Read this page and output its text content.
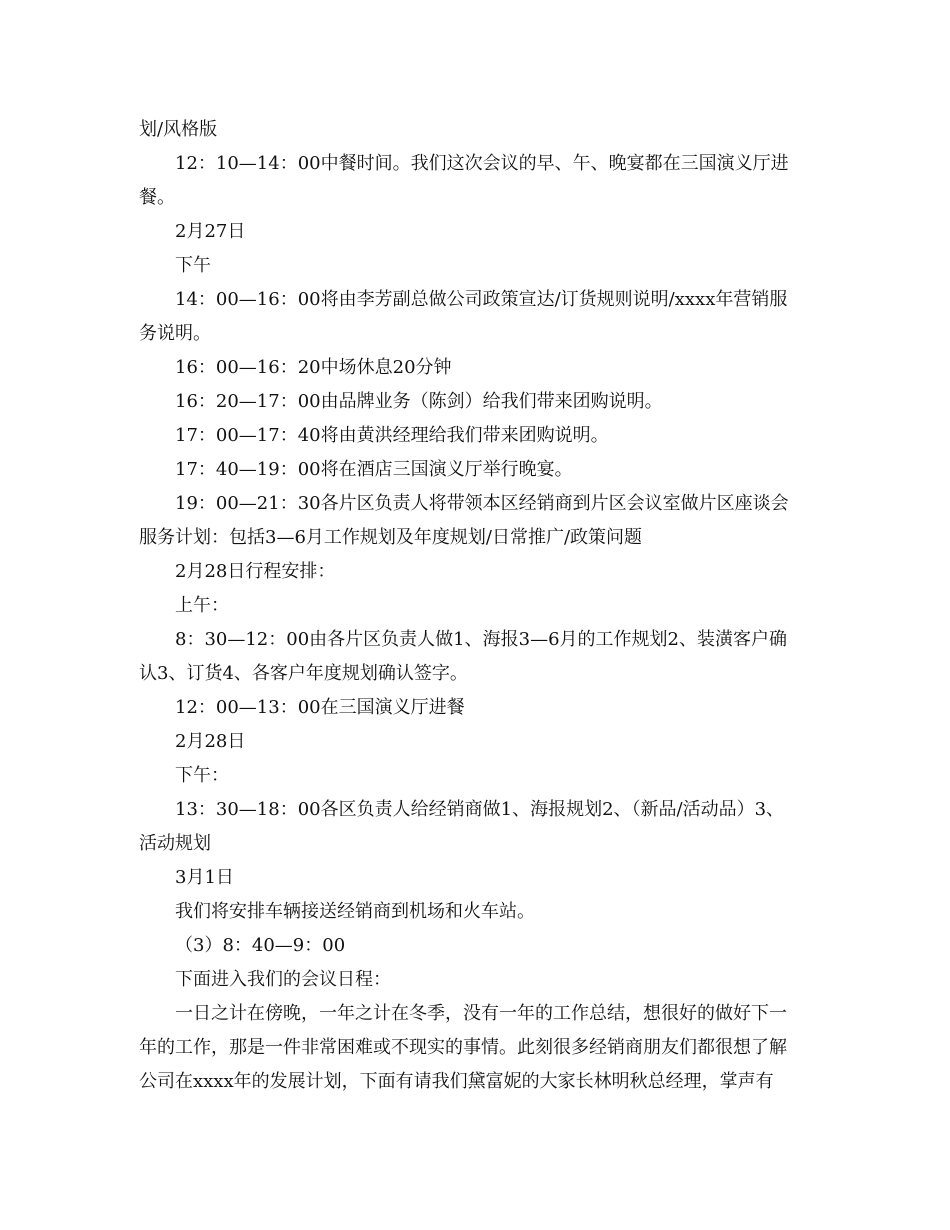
划/风格版
12：10—14：00中餐时间。我们这次会议的早、午、晚宴都在三国演义厅进
餐。
2月27日
下午
14：00—16：00将由李芳副总做公司政策宣达/订货规则说明/xxxx年营销服
务说明。
16：00—16：20中场休息20分钟
16：20—17：00由品牌业务（陈剑）给我们带来团购说明。
17：00—17：40将由黄洪经理给我们带来团购说明。
17：40—19：00将在酒店三国演义厅举行晚宴。
19：00—21：30各片区负责人将带领本区经销商到片区会议室做片区座谈会
服务计划：包括3—6月工作规划及年度规划/日常推广/政策问题
2月28日行程安排：
上午：
8：30—12：00由各片区负责人做1、海报3—6月的工作规划2、装潢客户确
认3、订货4、各客户年度规划确认签字。
12：00—13：00在三国演义厅进餐
2月28日
下午：
13：30—18：00各区负责人给经销商做1、海报规划2、（新品/活动品）3、
活动规划
3月1日
我们将安排车辆接送经销商到机场和火车站。
（3）8：40—9：00
下面进入我们的会议日程：
一日之计在傍晚，一年之计在冬季，没有一年的工作总结，想很好的做好下一
年的工作，那是一件非常困难或不现实的事情。此刻很多经销商朋友们都很想了解
公司在xxxx年的发展计划，下面有请我们黛富妮的大家长林明秋总经理，掌声有
